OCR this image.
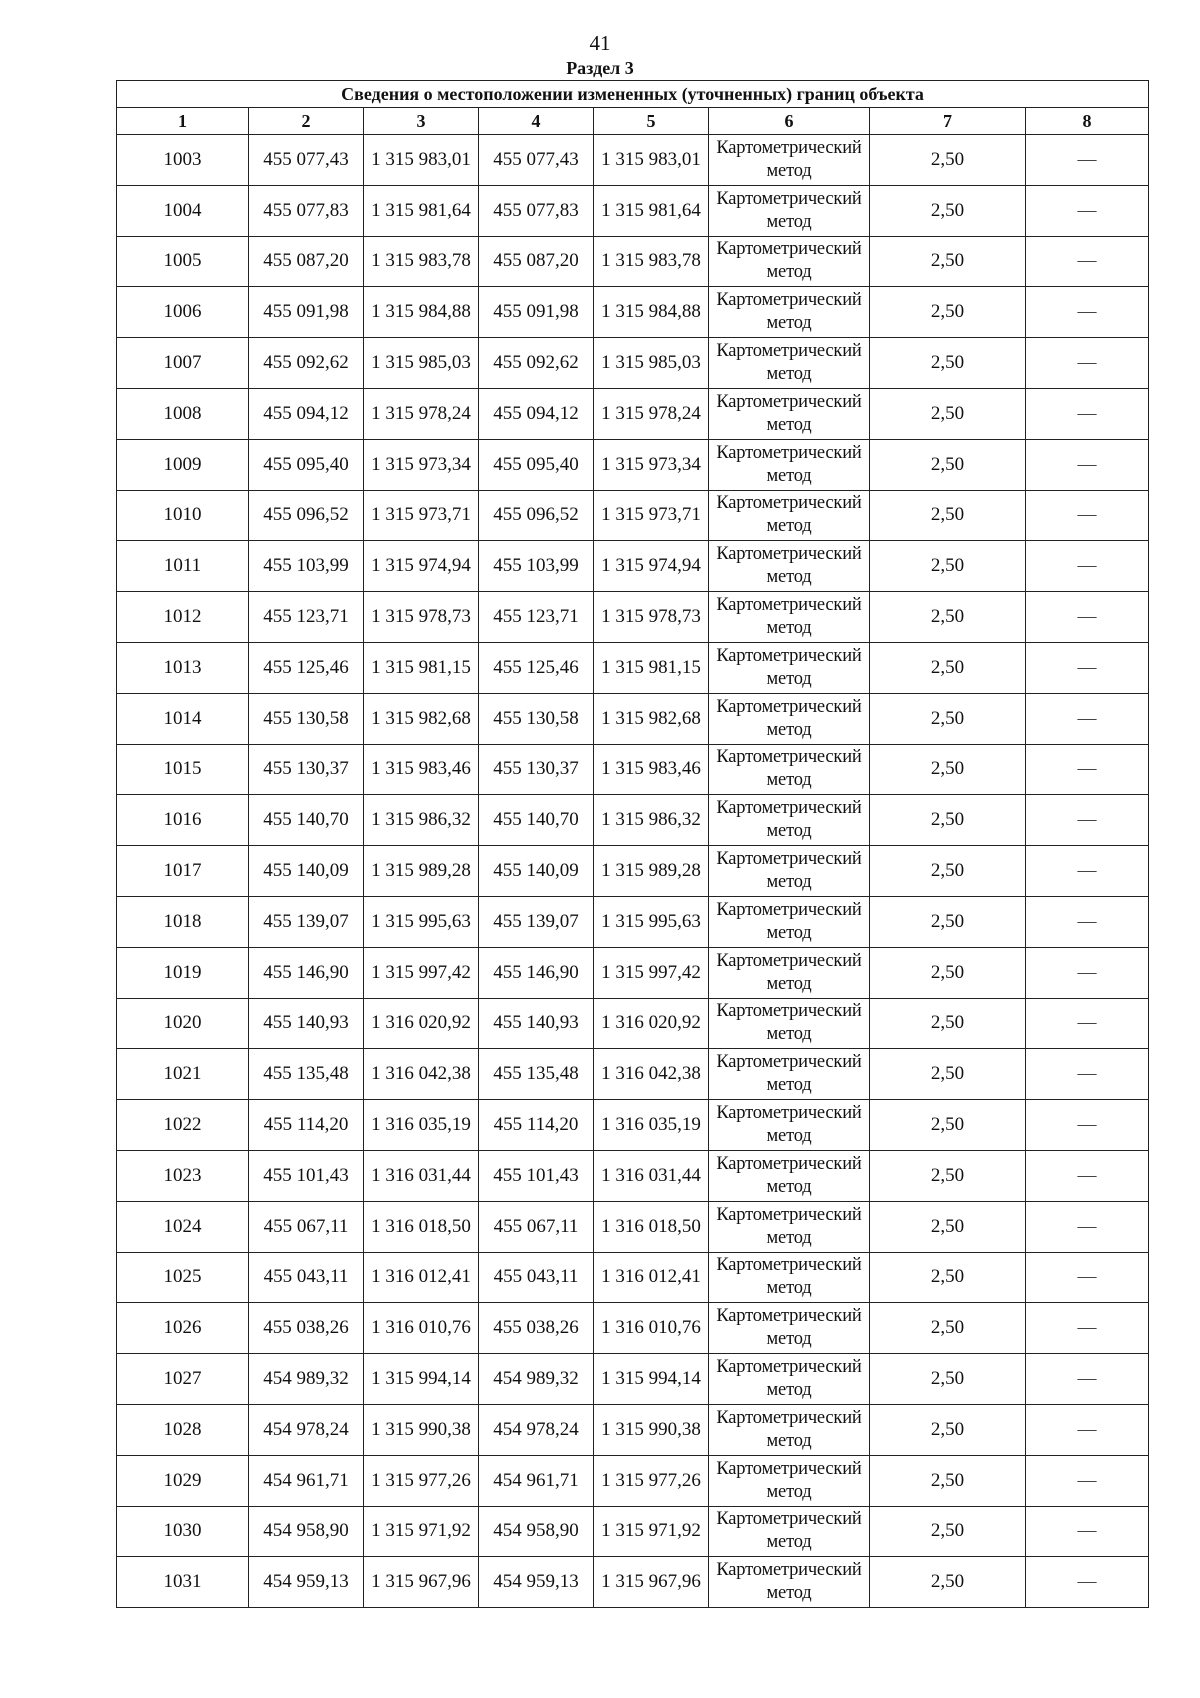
41
Раздел 3
Сведения о местоположении измененных (уточненных) границ объекта							
1	2	3	4	5	6	7	8
1003	455 077,43	1 315 983,01	455 077,43	1 315 983,01	Картометрический метод	2,50	—
1004	455 077,83	1 315 981,64	455 077,83	1 315 981,64	Картометрический метод	2,50	—
1005	455 087,20	1 315 983,78	455 087,20	1 315 983,78	Картометрический метод	2,50	—
1006	455 091,98	1 315 984,88	455 091,98	1 315 984,88	Картометрический метод	2,50	—
1007	455 092,62	1 315 985,03	455 092,62	1 315 985,03	Картометрический метод	2,50	—
1008	455 094,12	1 315 978,24	455 094,12	1 315 978,24	Картометрический метод	2,50	—
1009	455 095,40	1 315 973,34	455 095,40	1 315 973,34	Картометрический метод	2,50	—
1010	455 096,52	1 315 973,71	455 096,52	1 315 973,71	Картометрический метод	2,50	—
1011	455 103,99	1 315 974,94	455 103,99	1 315 974,94	Картометрический метод	2,50	—
1012	455 123,71	1 315 978,73	455 123,71	1 315 978,73	Картометрический метод	2,50	—
1013	455 125,46	1 315 981,15	455 125,46	1 315 981,15	Картометрический метод	2,50	—
1014	455 130,58	1 315 982,68	455 130,58	1 315 982,68	Картометрический метод	2,50	—
1015	455 130,37	1 315 983,46	455 130,37	1 315 983,46	Картометрический метод	2,50	—
1016	455 140,70	1 315 986,32	455 140,70	1 315 986,32	Картометрический метод	2,50	—
1017	455 140,09	1 315 989,28	455 140,09	1 315 989,28	Картометрический метод	2,50	—
1018	455 139,07	1 315 995,63	455 139,07	1 315 995,63	Картометрический метод	2,50	—
1019	455 146,90	1 315 997,42	455 146,90	1 315 997,42	Картометрический метод	2,50	—
1020	455 140,93	1 316 020,92	455 140,93	1 316 020,92	Картометрический метод	2,50	—
1021	455 135,48	1 316 042,38	455 135,48	1 316 042,38	Картометрический метод	2,50	—
1022	455 114,20	1 316 035,19	455 114,20	1 316 035,19	Картометрический метод	2,50	—
1023	455 101,43	1 316 031,44	455 101,43	1 316 031,44	Картометрический метод	2,50	—
1024	455 067,11	1 316 018,50	455 067,11	1 316 018,50	Картометрический метод	2,50	—
1025	455 043,11	1 316 012,41	455 043,11	1 316 012,41	Картометрический метод	2,50	—
1026	455 038,26	1 316 010,76	455 038,26	1 316 010,76	Картометрический метод	2,50	—
1027	454 989,32	1 315 994,14	454 989,32	1 315 994,14	Картометрический метод	2,50	—
1028	454 978,24	1 315 990,38	454 978,24	1 315 990,38	Картометрический метод	2,50	—
1029	454 961,71	1 315 977,26	454 961,71	1 315 977,26	Картометрический метод	2,50	—
1030	454 958,90	1 315 971,92	454 958,90	1 315 971,92	Картометрический метод	2,50	—
1031	454 959,13	1 315 967,96	454 959,13	1 315 967,96	Картометрический метод	2,50	—
